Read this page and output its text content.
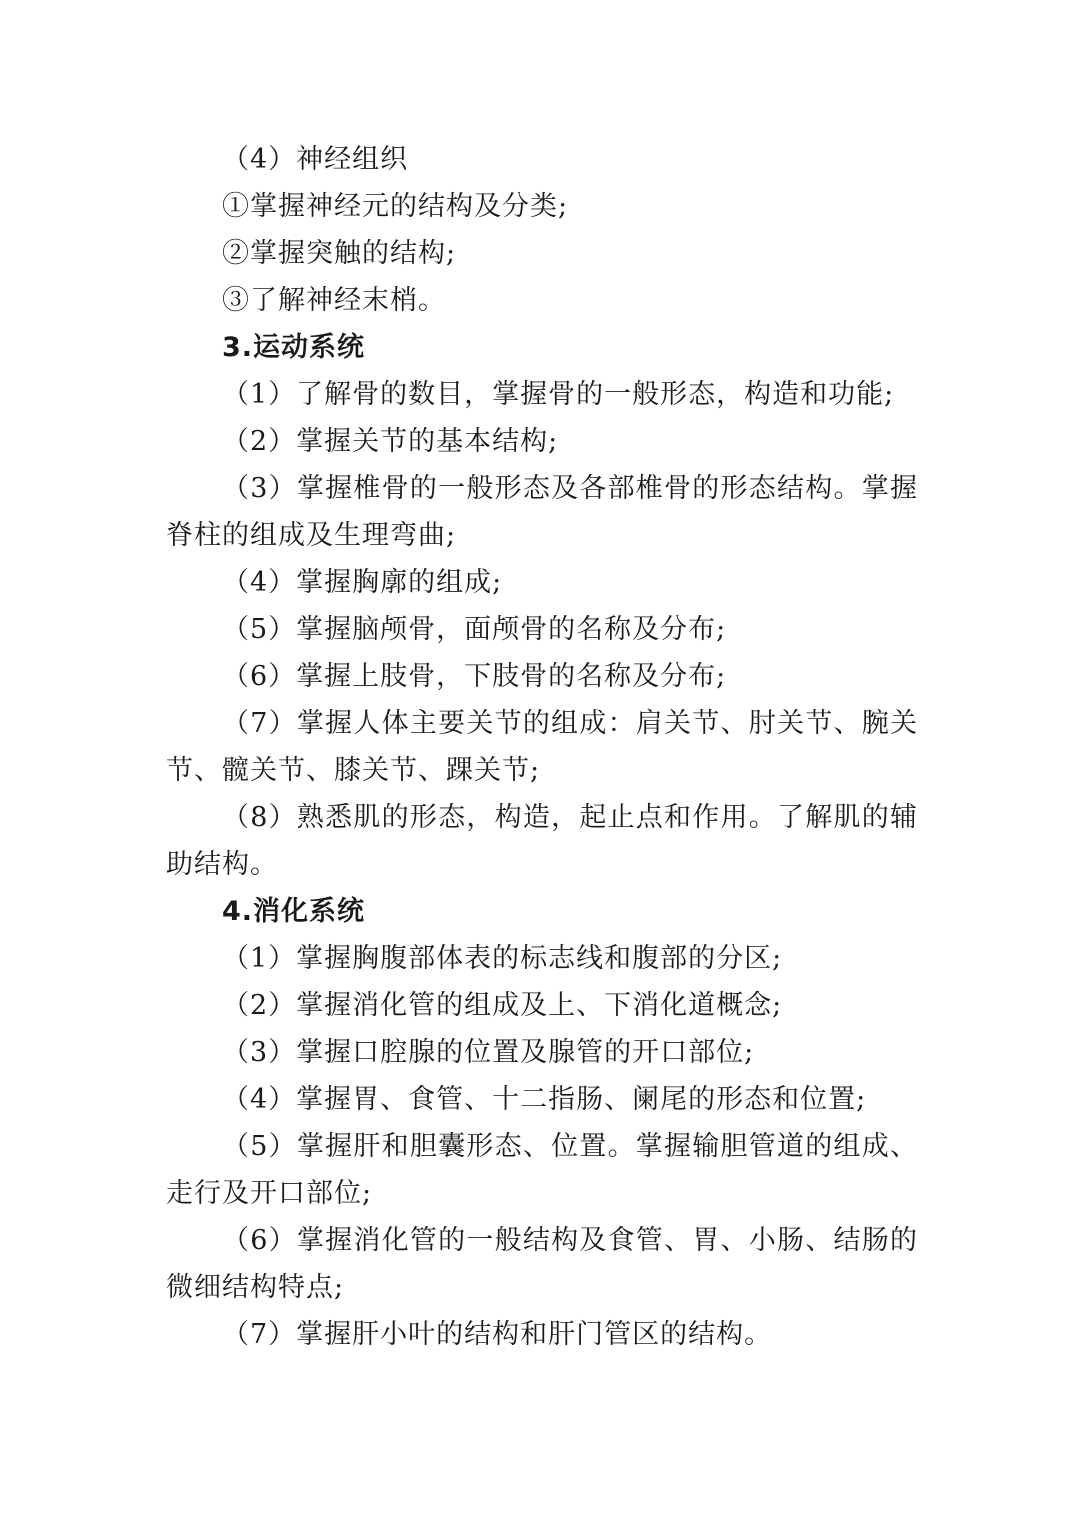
（4）神经组织
①掌握神经元的结构及分类;
②掌握突触的结构;
③了解神经末梢。
3.运动系统
（1）了解骨的数目，掌握骨的一般形态，构造和功能;
（2）掌握关节的基本结构;
（3）掌握椎骨的一般形态及各部椎骨的形态结构。掌握
脊柱的组成及生理弯曲;
（4）掌握胸廓的组成;
（5）掌握脑颅骨，面颅骨的名称及分布;
（6）掌握上肢骨，下肢骨的名称及分布;
（7）掌握人体主要关节的组成：肩关节、肘关节、腕关
节、髋关节、膝关节、踝关节;
（8）熟悉肌的形态，构造，起止点和作用。了解肌的辅
助结构。
4.消化系统
（1）掌握胸腹部体表的标志线和腹部的分区;
（2）掌握消化管的组成及上、下消化道概念;
（3）掌握口腔腺的位置及腺管的开口部位;
（4）掌握胃、食管、十二指肠、阑尾的形态和位置;
（5）掌握肝和胆囊形态、位置。掌握输胆管道的组成、
走行及开口部位;
（6）掌握消化管的一般结构及食管、胃、小肠、结肠的
微细结构特点;
（7）掌握肝小叶的结构和肝门管区的结构。
